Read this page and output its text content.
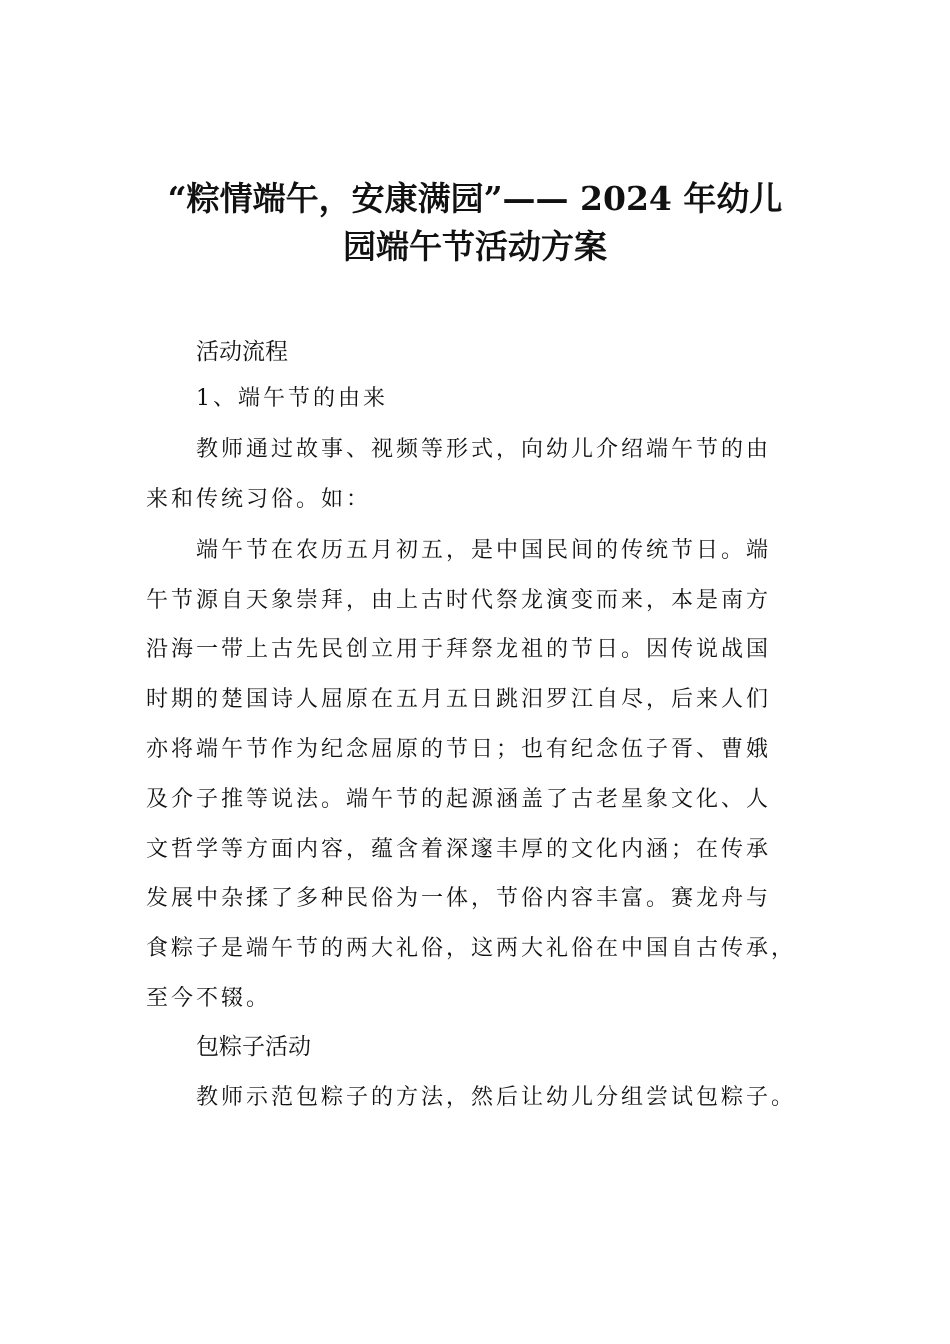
“粽情端午，安康满园”—— 2024 年幼儿
园端午节活动方案
活动流程
1、端午节的由来
教师通过故事、视频等形式，向幼儿介绍端午节的由
来和传统习俗。如：
端午节在农历五月初五，是中国民间的传统节日。端
午节源自天象崇拜，由上古时代祭龙演变而来，本是南方
沿海一带上古先民创立用于拜祭龙祖的节日。因传说战国
时期的楚国诗人屈原在五月五日跳汨罗江自尽，后来人们
亦将端午节作为纪念屈原的节日；也有纪念伍子胥、曹娥
及介子推等说法。端午节的起源涵盖了古老星象文化、人
文哲学等方面内容，蕴含着深邃丰厚的文化内涵；在传承
发展中杂揉了多种民俗为一体，节俗内容丰富。赛龙舟与
食粽子是端午节的两大礼俗，这两大礼俗在中国自古传承，
至今不辍。
包粽子活动
教师示范包粽子的方法，然后让幼儿分组尝试包粽子。
